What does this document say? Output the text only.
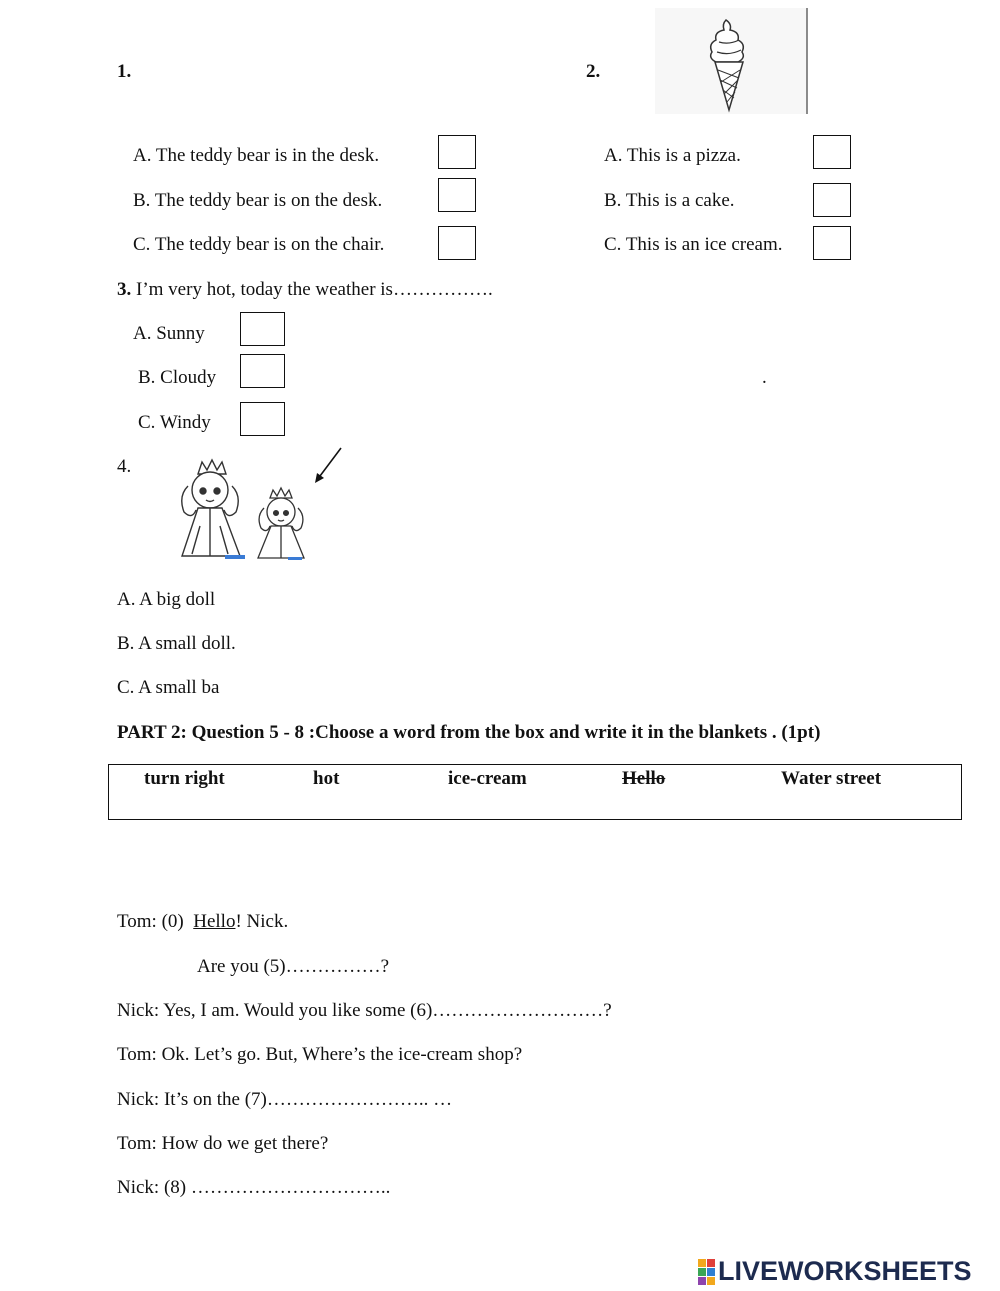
1.
A. The teddy bear is in the desk.
B. The teddy bear is on the desk.
C. The teddy bear is on the chair.
2.
A. This is a pizza.
B. This is a cake.
C. This is an ice cream.
3. I’m very hot, today the weather is…………….
A. Sunny
B. Cloudy
C. Windy
.
4.
A. A big doll
B. A small doll.
C. A small ba
PART 2: Question 5 - 8 :Choose a word from the box and write it in the blankets . (1pt)
turn right	hot	ice-cream	Hello	Water street
Tom: (0)  Hello! Nick.
Are you (5)……………?
Nick: Yes, I am. Would you like some (6)………………………?
Tom: Ok. Let’s go. But, Where’s the ice-cream shop?
Nick: It’s on the (7)…………………….. …
Tom: How do we get there?
Nick: (8) …………………………..
LIVEWORKSHEETS
